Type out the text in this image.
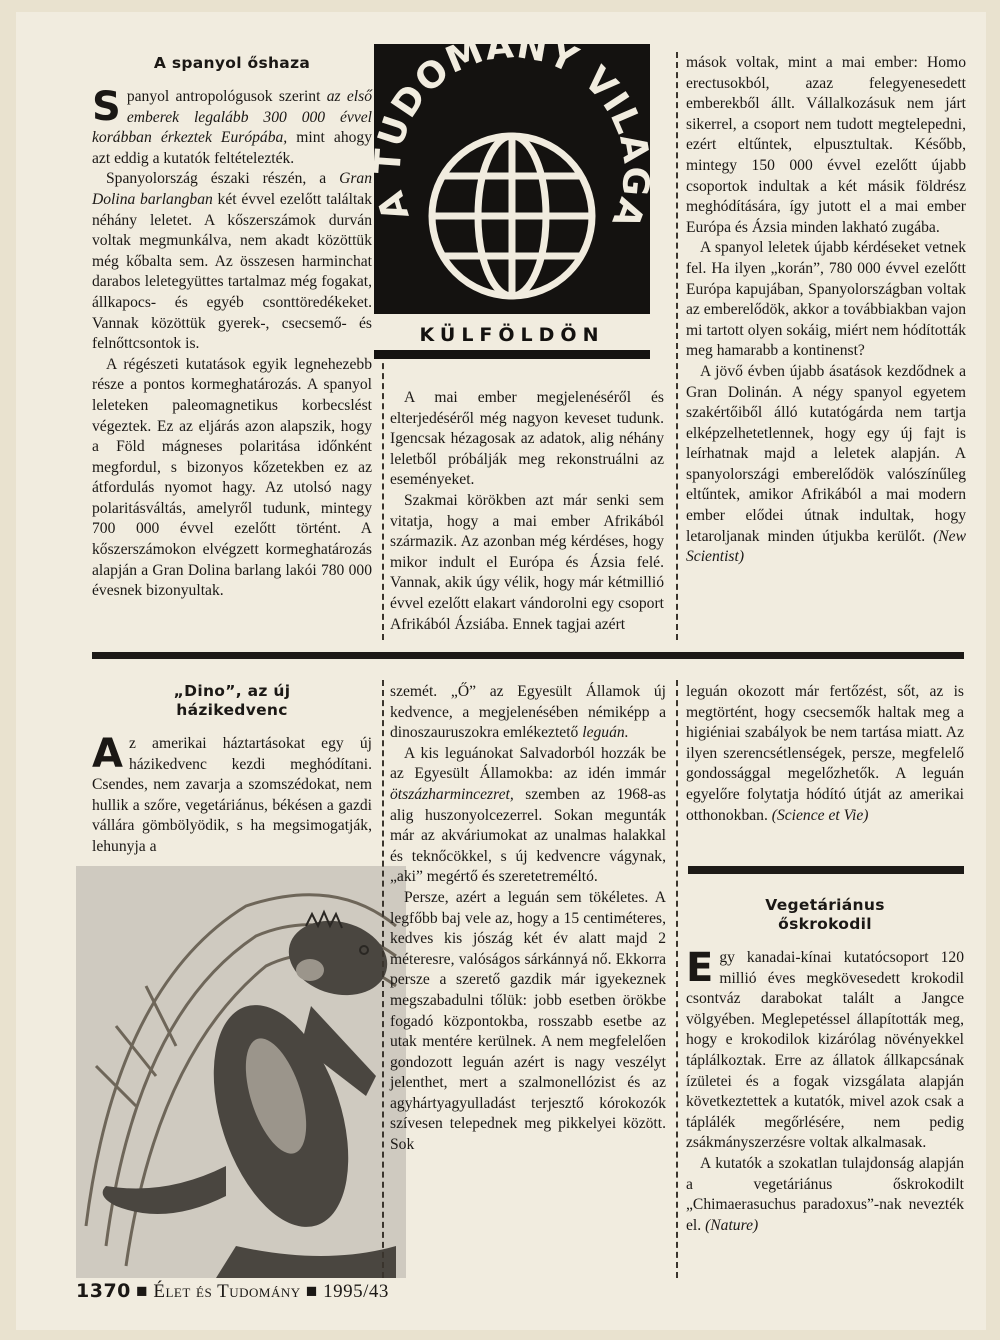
A spanyol őshaza

Spanyol antropológusok szerint az első emberek legalább 300 000 évvel korábban érkeztek Európába, mint ahogy azt eddig a kutatók feltételezték.

Spanyolország északi részén, a Gran Dolina barlangban két évvel ezelőtt találtak néhány leletet. A kőszerszámok durván voltak megmunkálva, nem akadt közöttük még kőbalta sem. Az összesen harminchat darabos leletegyüttes tartalmaz még fogakat, állkapocs- és egyéb csonttöredékeket. Vannak közöttük gyerek-, csecsemő- és felnőttcsontok is.

A régészeti kutatások egyik legnehezebb része a pontos kormeghatározás. A spanyol leleteken paleomagnetikus korbecslést végeztek. Ez az eljárás azon alapszik, hogy a Föld mágneses polaritása időnként megfordul, s bizonyos kőzetekben ez az átfordulás nyomot hagy. Az utolsó nagy polaritásváltás, amelyről tudunk, mintegy 700 000 évvel ezelőtt történt. A kőszerszámokon elvégzett kormeghatározás alapján a Gran Dolina barlang lakói 780 000 évesnek bizonyultak.

A UDOMÁNY VIL A
KÜLFÖLDÖN

A mai ember megjelenéséről és elterjedéséről még nagyon keveset tudunk. Igencsak hézagosak az adatok, alig néhány leletből próbálják meg rekonstruálni az eseményeket.

Szakmai körökben azt már senki sem vitatja, hogy a mai ember Afrikából származik. Az azonban még kérdéses, hogy mikor indult el Európa és Ázsia felé. Vannak, akik úgy vélik, hogy már kétmillió évvel ezelőtt elakart vándorolni egy csoport Afrikából Ázsiába. Ennek tagjai azért

mások voltak, mint a mai ember: Homo erectusokból, azaz felegyenesedett emberekből állt. Vállalkozásuk nem járt sikerrel, a csoport nem tudott megtelepedni, ezért eltűntek, elpusztultak. Később, mintegy 150 000 évvel ezelőtt újabb csoportok indultak a két másik földrész meghódítására, így jutott el a mai ember Európa és Ázsia minden lakható zugába.

A spanyol leletek újabb kérdéseket vetnek fel. Ha ilyen „korán”, 780 000 évvel ezelőtt Európa kapujában, Spanyolországban voltak az emberelődök, akkor a továbbiakban vajon mi tartott olyen sokáig, miért nem hódították meg hamarabb a kontinenst?

A jövő évben újabb ásatások kezdődnek a Gran Dolinán. A négy spanyol egyetem szakértőiből álló kutatógárda nem tartja elképzelhetetlennek, hogy egy új fajt is leírhatnak majd a leletek alapján. A spanyolországi emberelődök valószínűleg eltűntek, amikor Afrikából a mai modern ember elődei útnak indultak, hogy letaroljanak minden útjukba kerülőt. (New Scientist)

„Dino”, az új
házikedvenc

Az amerikai háztartásokat egy új házikedvenc kezdi meghódítani. Csendes, nem zavarja a szomszédokat, nem hullik a szőre, vegetáriánus, békésen a gazdi vállára gömbölyödik, s ha megsimogatják, lehunyja a

szemét. „Ő” az Egyesült Államok új kedvence, a megjelenésében némiképp a dinoszauruszokra emlékeztető leguán.

A kis leguánokat Salvadorból hozzák be az Egyesült Államokba: az idén immár ötszázharmincezret, szemben az 1968-as alig huszonyolcezerrel. Sokan megunták már az akváriumokat az unalmas halakkal és teknőcökkel, s új kedvencre vágynak, „aki” megértő és szeretetreméltó.

Persze, azért a leguán sem tökéletes. A legfőbb baj vele az, hogy a 15 centiméteres, kedves kis jószág két év alatt majd 2 méteresre, valóságos sárkánnyá nő. Ekkorra persze a szerető gazdik már igyekeznek megszabadulni tőlük: jobb esetben örökbe fogadó központokba, rosszabb esetbe az utak mentére kerülnek. A nem megfelelően gondozott leguán azért is nagy veszélyt jelenthet, mert a szalmonellózist és az agyhártyagyulladást terjesztő kórokozók szívesen telepednek meg pikkelyei között. Sok

leguán okozott már fertőzést, sőt, az is megtörtént, hogy csecsemők haltak meg a higiéniai szabályok be nem tartása miatt. Az ilyen szerencsétlenségek, persze, megfelelő gondossággal megelőzhetők. A leguán egyelőre folytatja hódító útját az amerikai otthonokban. (Science et Vie)

Vegetáriánus
őskrokodil

Egy kanadai-kínai kutatócsoport 120 millió éves megkövesedett krokodil csontváz darabokat talált a Jangce völgyében. Meglepetéssel állapították meg, hogy e krokodilok kizárólag növényekkel táplálkoztak. Erre az állatok állkapcsának ízületei és a fogak vizsgálata alapján következtettek a kutatók, mivel azok csak a táplálék megőrlésére, nem pedig zsákmányszerzésre voltak alkalmasak.

A kutatók a szokatlan tulajdonság alapján a vegetáriánus őskrokodilt „Chimaerasuchus paradoxus”-nak nevezték el. (Nature)

1370 ■ Élet és Tudomány ■ 1995/43
